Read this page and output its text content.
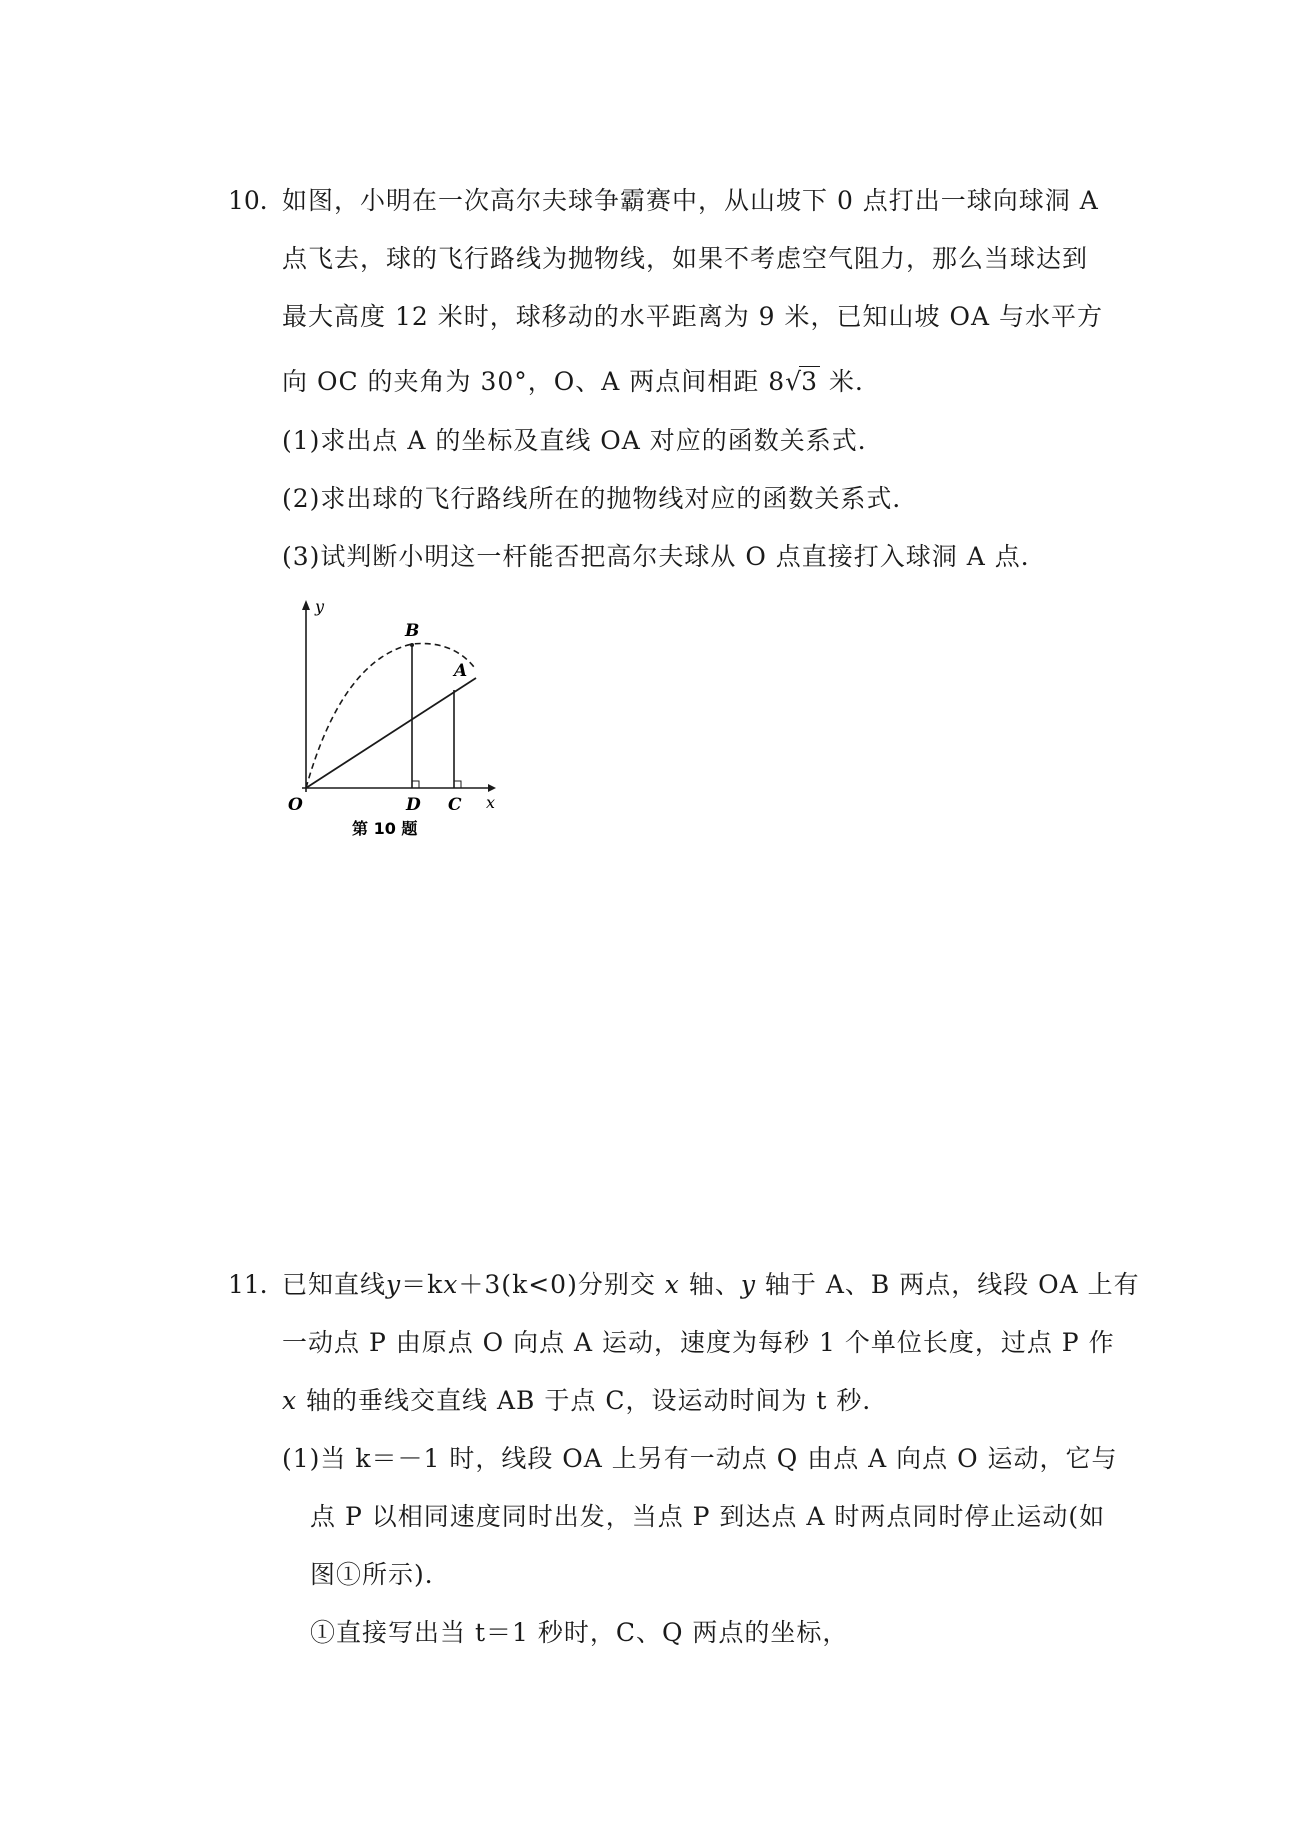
10．
如图，小明在一次高尔夫球争霸赛中，从山坡下 0 点打出一球向球洞 A
点飞去，球的飞行路线为抛物线，如果不考虑空气阻力，那么当球达到
最大高度 12 米时，球移动的水平距离为 9 米，已知山坡 OA 与水平方
向 OC 的夹角为 30°，O、A 两点间相距 8 √ 3 米．
(1)求出点 A 的坐标及直线 OA 对应的函数关系式．
(2)求出球的飞行路线所在的抛物线对应的函数关系式．
(3)试判断小明这一杆能否把高尔夫球从 O 点直接打入球洞 A 点．
y
x
O
B
A
D C
第 10 题
11．
已知直线y＝kx＋3(k<0)分别交 x 轴、y 轴于 A、B 两点，线段 OA 上有
一动点 P 由原点 O 向点 A 运动，速度为每秒 1 个单位长度，过点 P 作
x 轴的垂线交直线 AB 于点 C，设运动时间为 t 秒．
(1)当 k＝－1 时，线段 OA 上另有一动点 Q 由点 A 向点 O 运动，它与
点 P 以相同速度同时出发，当点 P 到达点 A 时两点同时停止运动(如
图①所示)．
①直接写出当 t＝1 秒时，C、Q 两点的坐标，
